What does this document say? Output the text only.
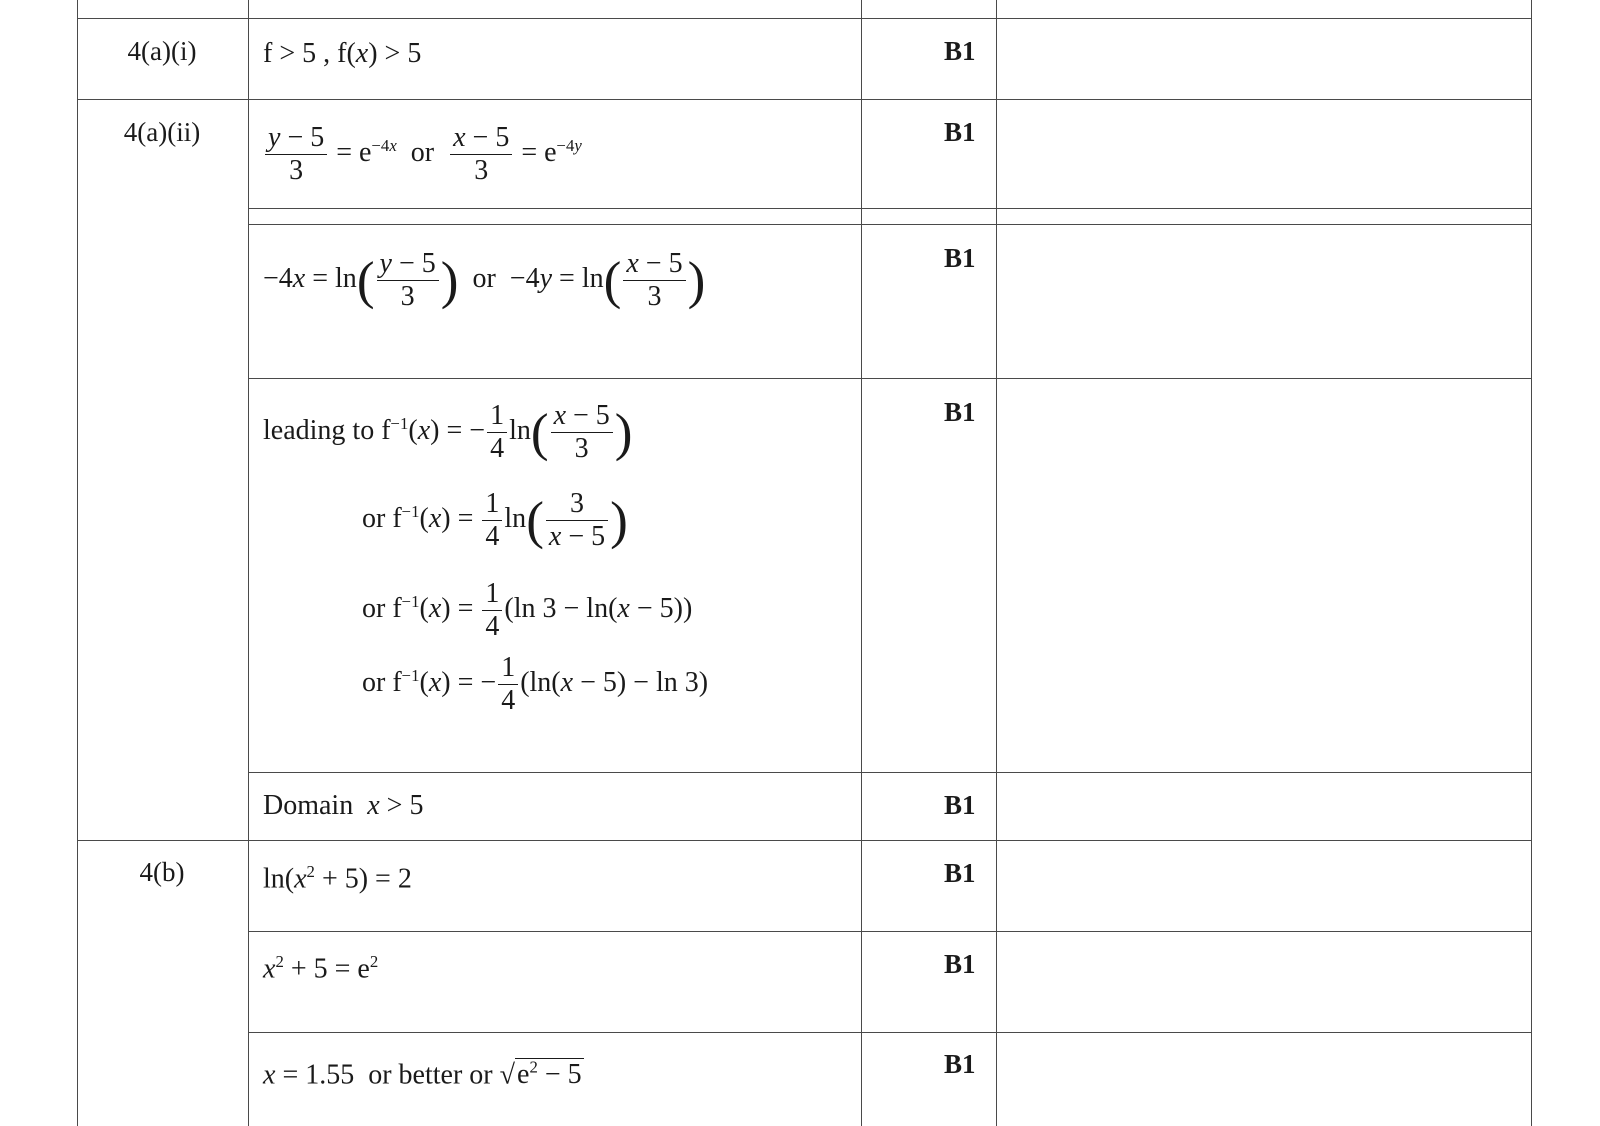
4(a)(i)
4(a)(ii)
4(b)
B1
B1
B1
B1
B1
B1
B1
B1
f > 5 , f(x) > 5
$\frac{y - 5}{3} = e^{-4x}$  or $\frac{x - 5}{3} = e^{-4y}$
$-4x = \ln( \frac{y - 5}{3}$ )  or  $-4y = \ln( \frac{x - 5}{3}$ )
leading to $f^{-1}(x)$ = − $\frac{1}{4} \ln( \frac{x - 5}{3}$ )
or $f^{-1}(x) = \frac{1}{4} \ln( \frac{3}{x - 5}$ )
or $f^{-1}(x) = \frac{1}{4} (\ln$ 3 − ln(x − 5))
or $f^{-1}(x)$ = − $\frac{1}{4} (\ln(x - 5) - \ln 3)$
Domain x > 5
$\ln(x^2 + 5) = 2$
$x^2 + 5 = e^2$
x = 1.55  or better or $√e^2 - 5$
